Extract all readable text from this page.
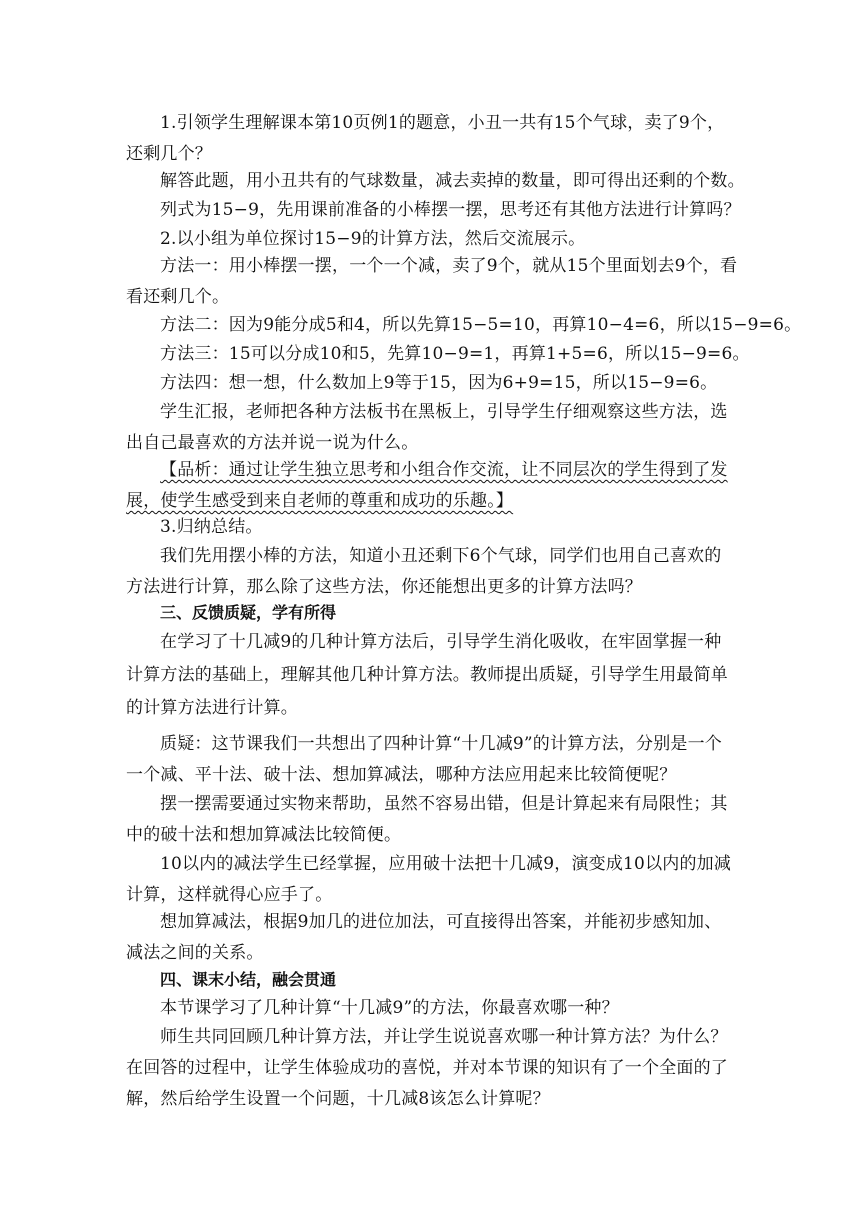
1.引领学生理解课本第10页例1的题意，小丑一共有15个气球，卖了9个，还剩几个？

解答此题，用小丑共有的气球数量，减去卖掉的数量，即可得出还剩的个数。

列式为15−9，先用课前准备的小棒摆一摆，思考还有其他方法进行计算吗？

2.以小组为单位探讨15−9的计算方法，然后交流展示。

方法一：用小棒摆一摆，一个一个减，卖了9个，就从15个里面划去9个，看看还剩几个。

方法二：因为9能分成5和4，所以先算15−5=10，再算10−4=6，所以15−9=6。

方法三：15可以分成10和5，先算10−9=1，再算1+5=6，所以15−9=6。

方法四：想一想，什么数加上9等于15，因为6+9=15，所以15−9=6。

学生汇报，老师把各种方法板书在黑板上，引导学生仔细观察这些方法，选出自己最喜欢的方法并说一说为什么。

【品析：通过让学生独立思考和小组合作交流，让不同层次的学生得到了发展，使学生感受到来自老师的尊重和成功的乐趣。】

3.归纳总结。

我们先用摆小棒的方法，知道小丑还剩下6个气球，同学们也用自己喜欢的方法进行计算，那么除了这些方法，你还能想出更多的计算方法吗？

三、反馈质疑，学有所得

在学习了十几减9的几种计算方法后，引导学生消化吸收，在牢固掌握一种计算方法的基础上，理解其他几种计算方法。教师提出质疑，引导学生用最简单的计算方法进行计算。

质疑：这节课我们一共想出了四种计算“十几减9”的计算方法，分别是一个一个减、平十法、破十法、想加算减法，哪种方法应用起来比较简便呢？

摆一摆需要通过实物来帮助，虽然不容易出错，但是计算起来有局限性；其中的破十法和想加算减法比较简便。

10以内的减法学生已经掌握，应用破十法把十几减9，演变成10以内的加减计算，这样就得心应手了。

想加算减法，根据9加几的进位加法，可直接得出答案，并能初步感知加、减法之间的关系。

四、课末小结，融会贯通

本节课学习了几种计算“十几减9”的方法，你最喜欢哪一种？

师生共同回顾几种计算方法，并让学生说说喜欢哪一种计算方法？为什么？在回答的过程中，让学生体验成功的喜悦，并对本节课的知识有了一个全面的了解，然后给学生设置一个问题，十几减8该怎么计算呢？
